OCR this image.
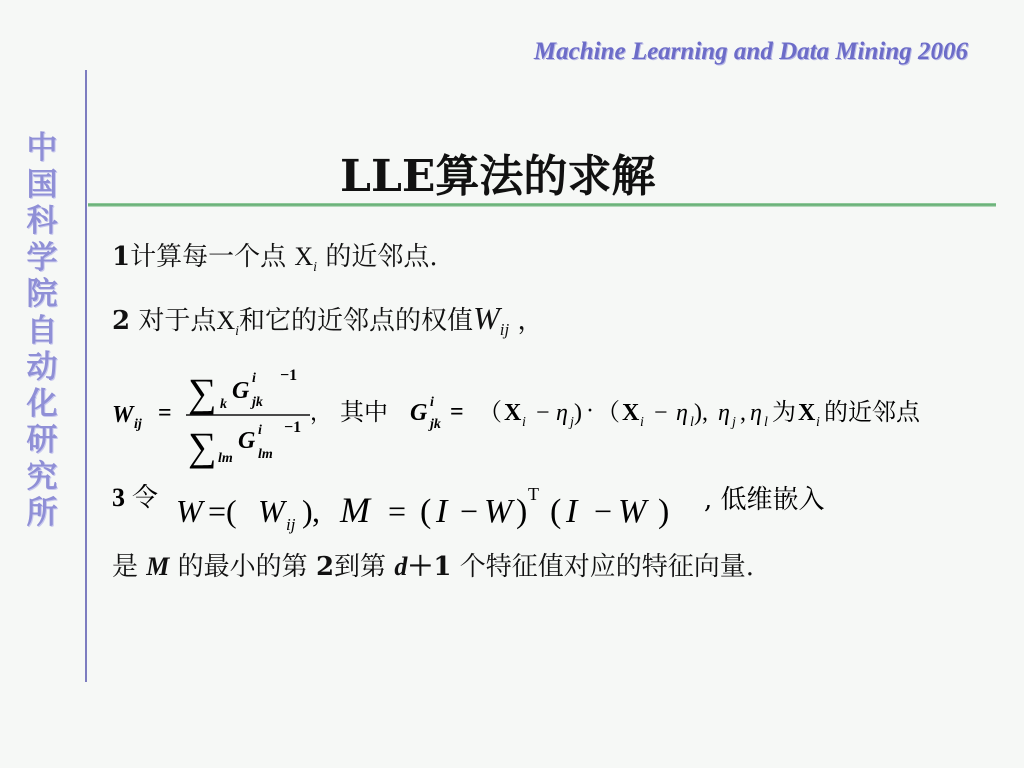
Machine Learning and Data Mining 2006
中
国
科
学
院
自
动
化
研
究
所
LLE算法的求解
1计算每一个点 $X_i$ 的近邻点.
2 对于点$X_i$和它的近邻点的权值$W_{ij}$ ，
W ij = ∑ k
G i
jk
−1
∑ lm
G i
lm
−1
， 其中 G i
jk = （ X i − η j ) · （ X i − η l ), η j , η l 为 X i 的近邻点
3 令 W =( W ij ) , M = ( I − W ) T ( I − W ) , 低维嵌入
是 M 的最小的第 2到第 d＋1 个特征值对应的特征向量.
